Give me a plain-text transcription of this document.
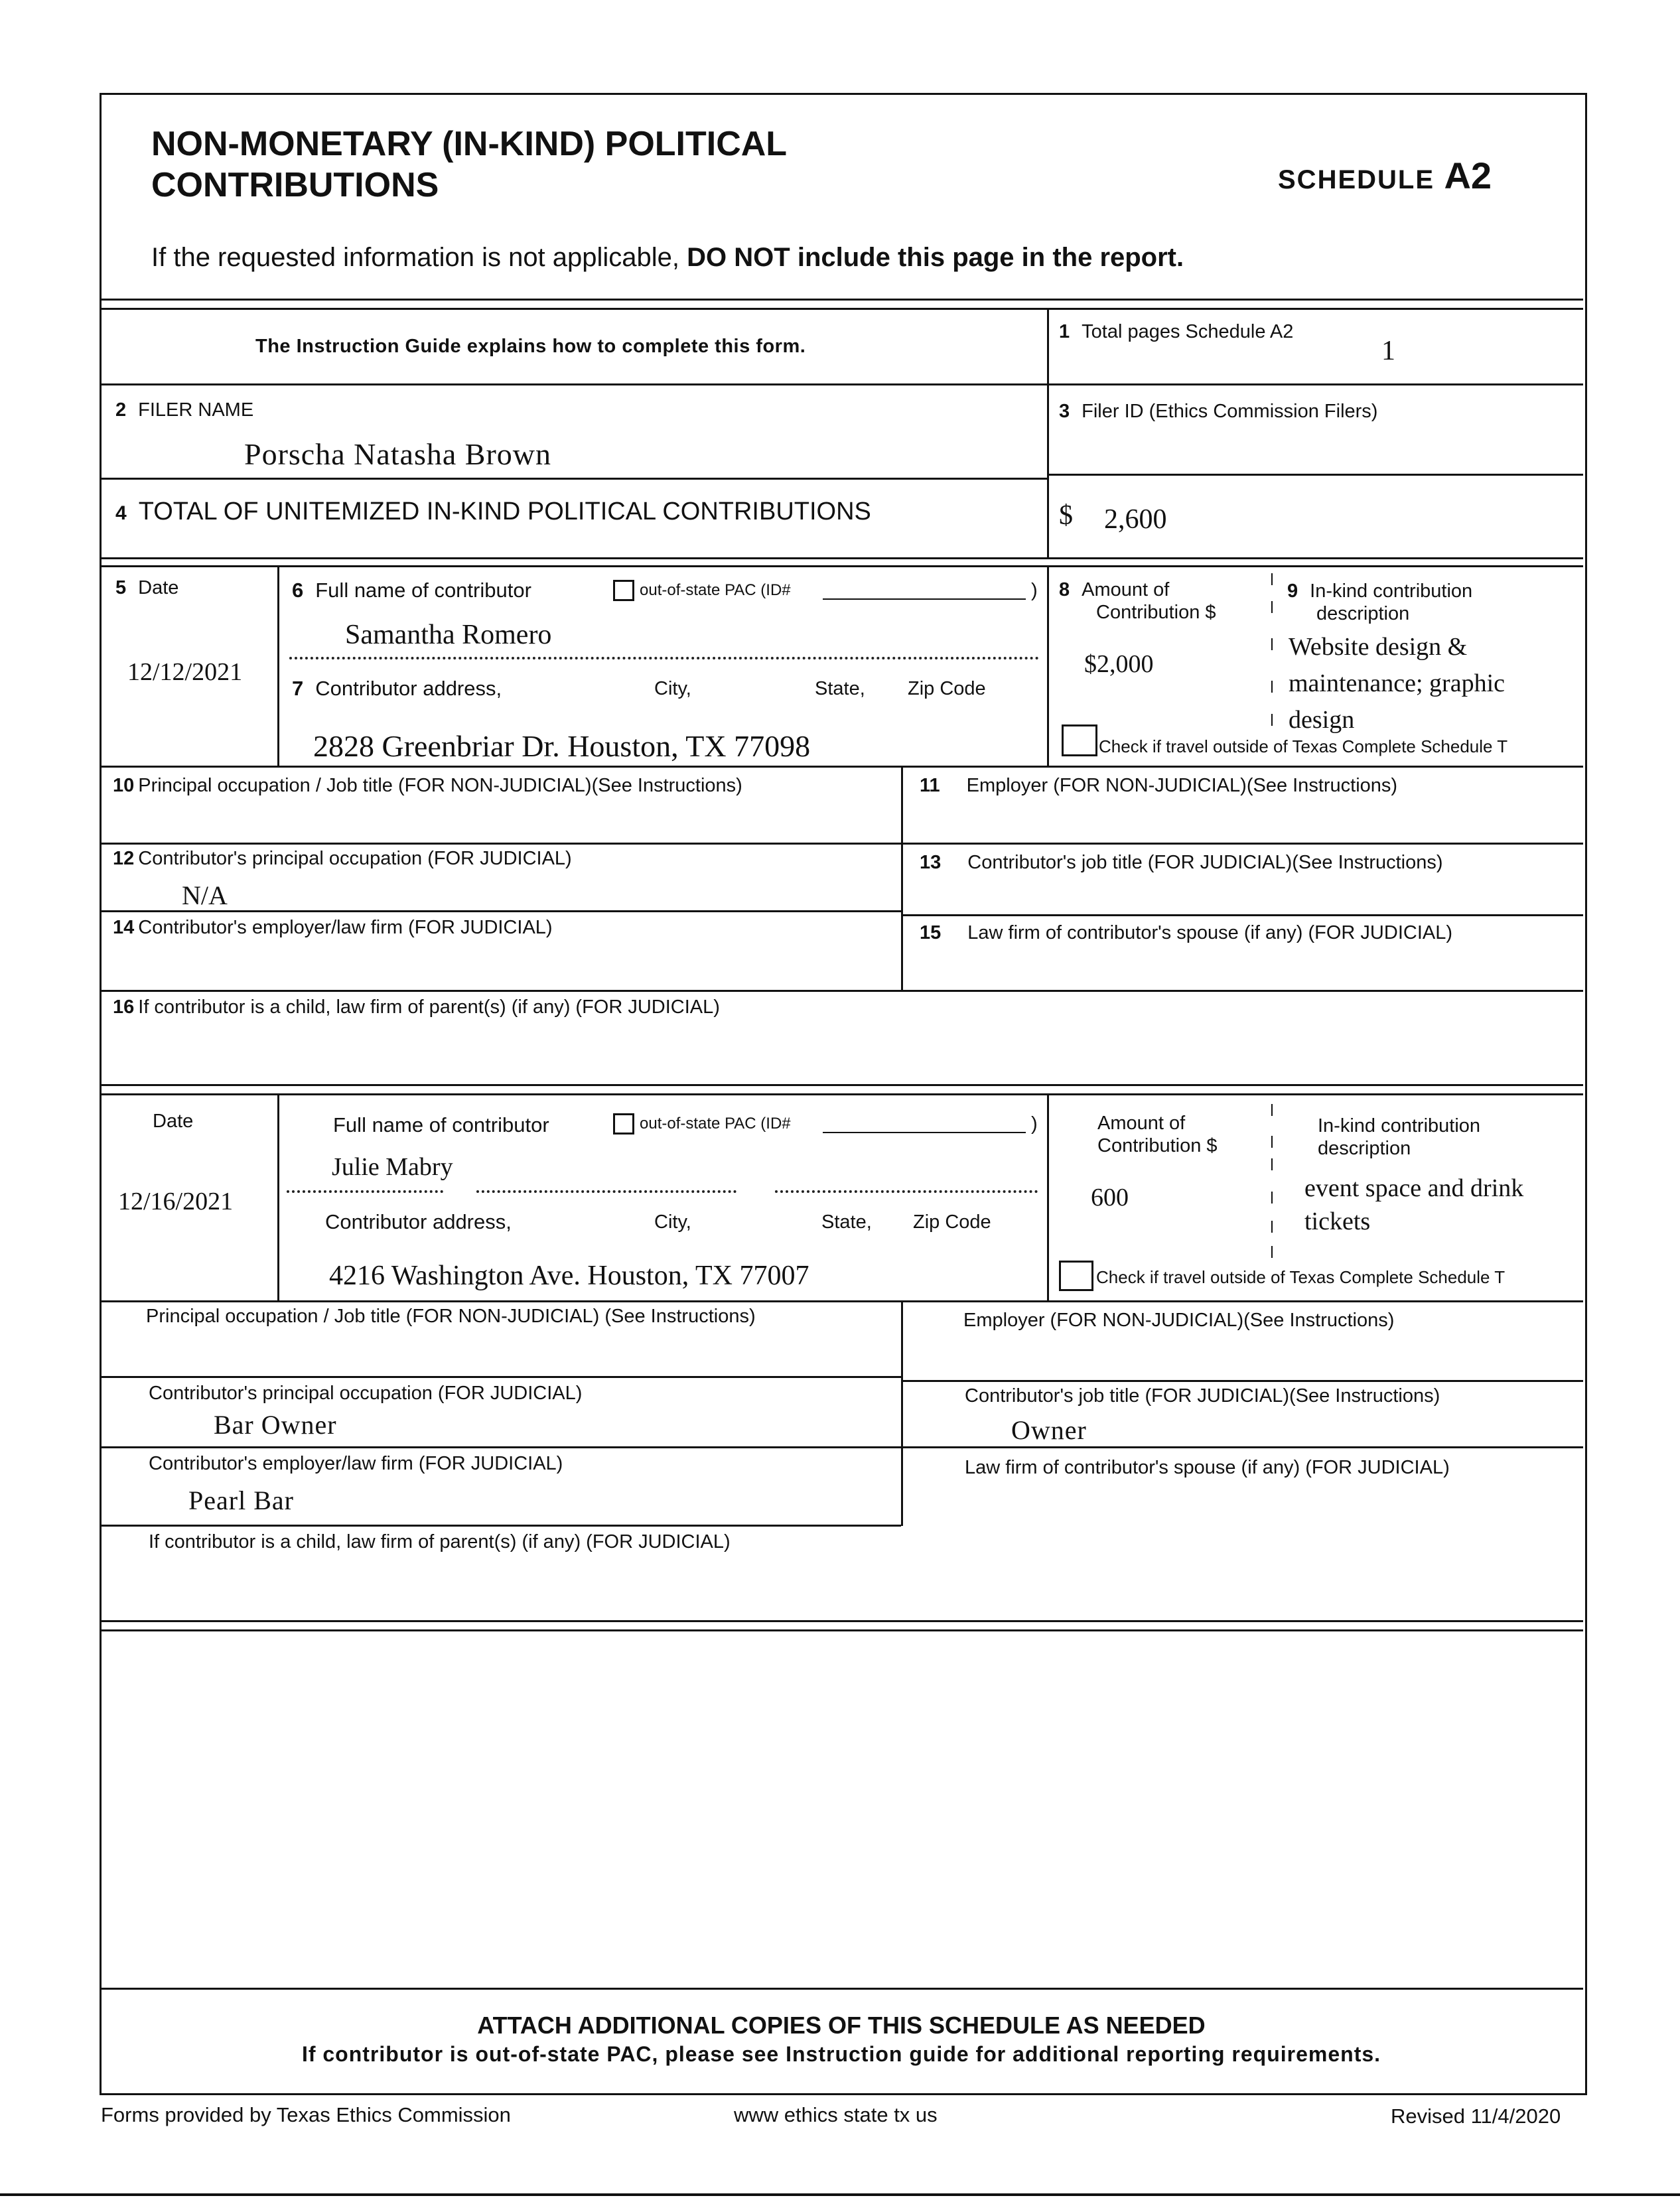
NON-MONETARY (IN-KIND) POLITICAL
CONTRIBUTIONS	SCHEDULE A2
If the requested information is not applicable, DO NOT include this page in the report.
The Instruction Guide explains how to complete this form.
1 Total pages Schedule A2
1
2 FILER NAME
Porscha Natasha Brown
3 Filer ID (Ethics Commission Filers)
4 TOTAL OF UNITEMIZED IN-KIND POLITICAL CONTRIBUTIONS	$ 2,600
5 Date
12/12/2021
6 Full name of contributor	out-of-state PAC (ID#	)
Samantha Romero
7 Contributor address,	City,	State, Zip Code
2828 Greenbriar Dr. Houston, TX 77098
8 Amount of
Contribution $
$2,000
9 In-kind contribution
description
Website design &
maintenance; graphic
design
Check if travel outside of Texas Complete Schedule T
10 Principal occupation / Job title (FOR NON-JUDICIAL)(See Instructions)	11 Employer (FOR NON-JUDICIAL)(See Instructions)
12 Contributor's principal occupation (FOR JUDICIAL)
N/A
13 Contributor's job title (FOR JUDICIAL)(See Instructions)
14 Contributor's employer/law firm (FOR JUDICIAL)	15 Law firm of contributor's spouse (if any) (FOR JUDICIAL)
16 If contributor is a child, law firm of parent(s) (if any) (FOR JUDICIAL)
Date
12/16/2021
Full name of contributor	out-of-state PAC (ID#	)
Julie Mabry
Contributor address,	City,	State, Zip Code
4216 Washington Ave. Houston, TX 77007
Amount of
Contribution $
600
In-kind contribution
description
event space and drink
tickets
Check if travel outside of Texas Complete Schedule T
Principal occupation / Job title (FOR NON-JUDICIAL) (See Instructions)	Employer (FOR NON-JUDICIAL)(See Instructions)
Contributor's principal occupation (FOR JUDICIAL)
Bar Owner
Contributor's job title (FOR JUDICIAL)(See Instructions)
Owner
Contributor's employer/law firm (FOR JUDICIAL)
Pearl Bar
Law firm of contributor's spouse (if any) (FOR JUDICIAL)
If contributor is a child, law firm of parent(s) (if any) (FOR JUDICIAL)
ATTACH ADDITIONAL COPIES OF THIS SCHEDULE AS NEEDED
If contributor is out-of-state PAC, please see Instruction guide for additional reporting requirements.
Forms provided by Texas Ethics Commission	www ethics state tx us	Revised 11/4/2020
